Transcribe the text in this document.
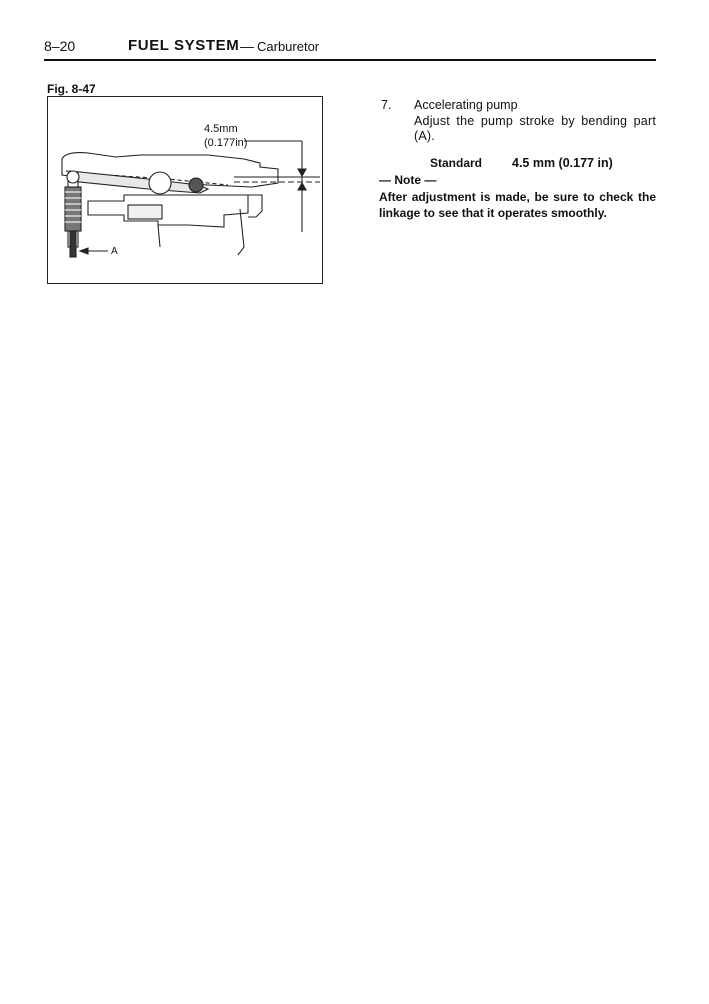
8–20	FUEL SYSTEM — Carburetor
Fig. 8-47
4.5mm
(0.177in)
A
7. Accelerating pump
Adjust the pump stroke by bending part (A).
Standard 4.5 mm (0.177 in)
— Note —
After adjustment is made, be sure to check the linkage to see that it operates smoothly.
